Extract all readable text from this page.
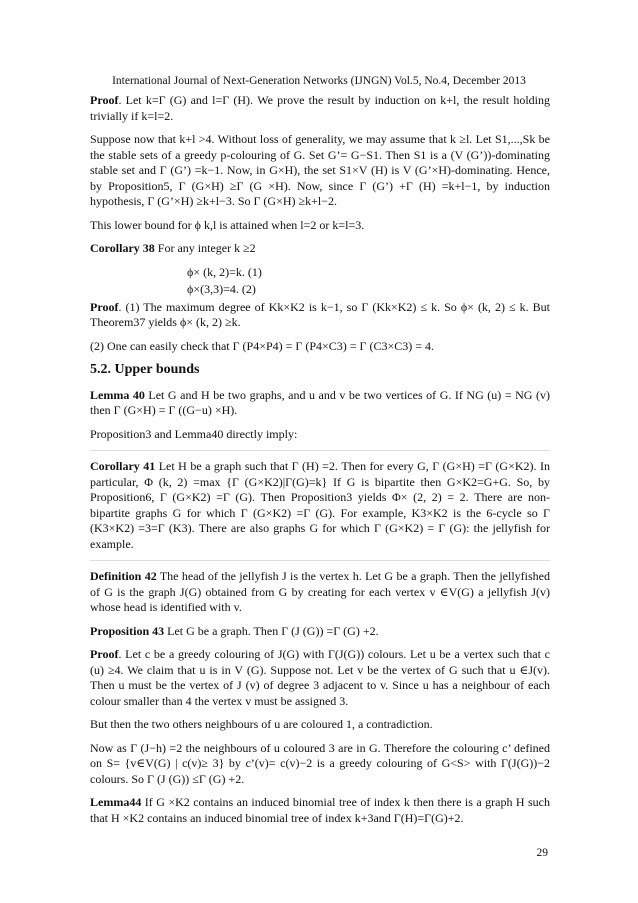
International Journal of Next-Generation Networks (IJNGN) Vol.5, No.4, December 2013

Proof. Let k=Γ (G) and l=Γ (H). We prove the result by induction on k+l, the result holding trivially if k=l=2.

Suppose now that k+l >4. Without loss of generality, we may assume that k ≥l. Let S1,...,Sk be the stable sets of a greedy p-colouring of G. Set G’= G−S1. Then S1 is a (V (G’))-dominating stable set and Γ (G’) =k−1. Now, in G×H), the set S1×V (H) is V (G’×H)-dominating. Hence, by Proposition5, Γ (G×H) ≥Γ (G ×H). Now, since Γ (G’) +Γ (H) =k+l−1, by induction hypothesis, Γ (G’×H) ≥k+l−3. So Γ (G×H) ≥k+l−2.

This lower bound for ϕ k,l is attained when l=2 or k=l=3.

Corollary 38 For any integer k ≥2

ϕ× (k, 2)=k. (1)

ϕ×(3,3)=4. (2)

Proof. (1) The maximum degree of Kk×K2 is k−1, so Γ (Kk×K2) ≤ k. So ϕ× (k, 2) ≤ k. But Theorem37 yields ϕ× (k, 2) ≥k.

(2) One can easily check that Γ (P4×P4) = Γ (P4×C3) = Γ (C3×C3) = 4.

5.2. Upper bounds

Lemma 40 Let G and H be two graphs, and u and v be two vertices of G. If NG (u) = NG (v) then Γ (G×H) = Γ ((G−u) ×H).

Proposition3 and Lemma40 directly imply:

Corollary 41 Let H be a graph such that Γ (H) =2. Then for every G, Γ (G×H) =Γ (G×K2). In particular, Φ (k, 2) =max {Γ (G×K2)|Γ(G)=k} If G is bipartite then G×K2=G+G. So, by Proposition6, Γ (G×K2) =Γ (G). Then Proposition3 yields Φ× (2, 2) = 2. There are non-bipartite graphs G for which Γ (G×K2) =Γ (G). For example, K3×K2 is the 6-cycle so Γ (K3×K2) =3=Γ (K3). There are also graphs G for which Γ (G×K2) = Γ (G): the jellyfish for example.

Definition 42 The head of the jellyfish J is the vertex h. Let G be a graph. Then the jellyfished of G is the graph J(G) obtained from G by creating for each vertex v ∈V(G) a jellyfish J(v) whose head is identified with v.

Proposition 43 Let G be a graph. Then Γ (J (G)) =Γ (G) +2.

Proof. Let c be a greedy colouring of J(G) with Γ(J(G)) colours. Let u be a vertex such that c (u) ≥4. We claim that u is in V (G). Suppose not. Let v be the vertex of G such that u ∈J(v). Then u must be the vertex of J (v) of degree 3 adjacent to v. Since u has a neighbour of each colour smaller than 4 the vertex v must be assigned 3.

But then the two others neighbours of u are coloured 1, a contradiction.

Now as Γ (J−h) =2 the neighbours of u coloured 3 are in G. Therefore the colouring c’ defined on S= {v∈V(G) | c(v)≥ 3} by c’(v)= c(v)−2 is a greedy colouring of G<S> with Γ(J(G))−2 colours. So Γ (J (G)) ≤Γ (G) +2.

Lemma44 If G ×K2 contains an induced binomial tree of index k then there is a graph H such that H ×K2 contains an induced binomial tree of index k+3and Γ(H)=Γ(G)+2.

29
